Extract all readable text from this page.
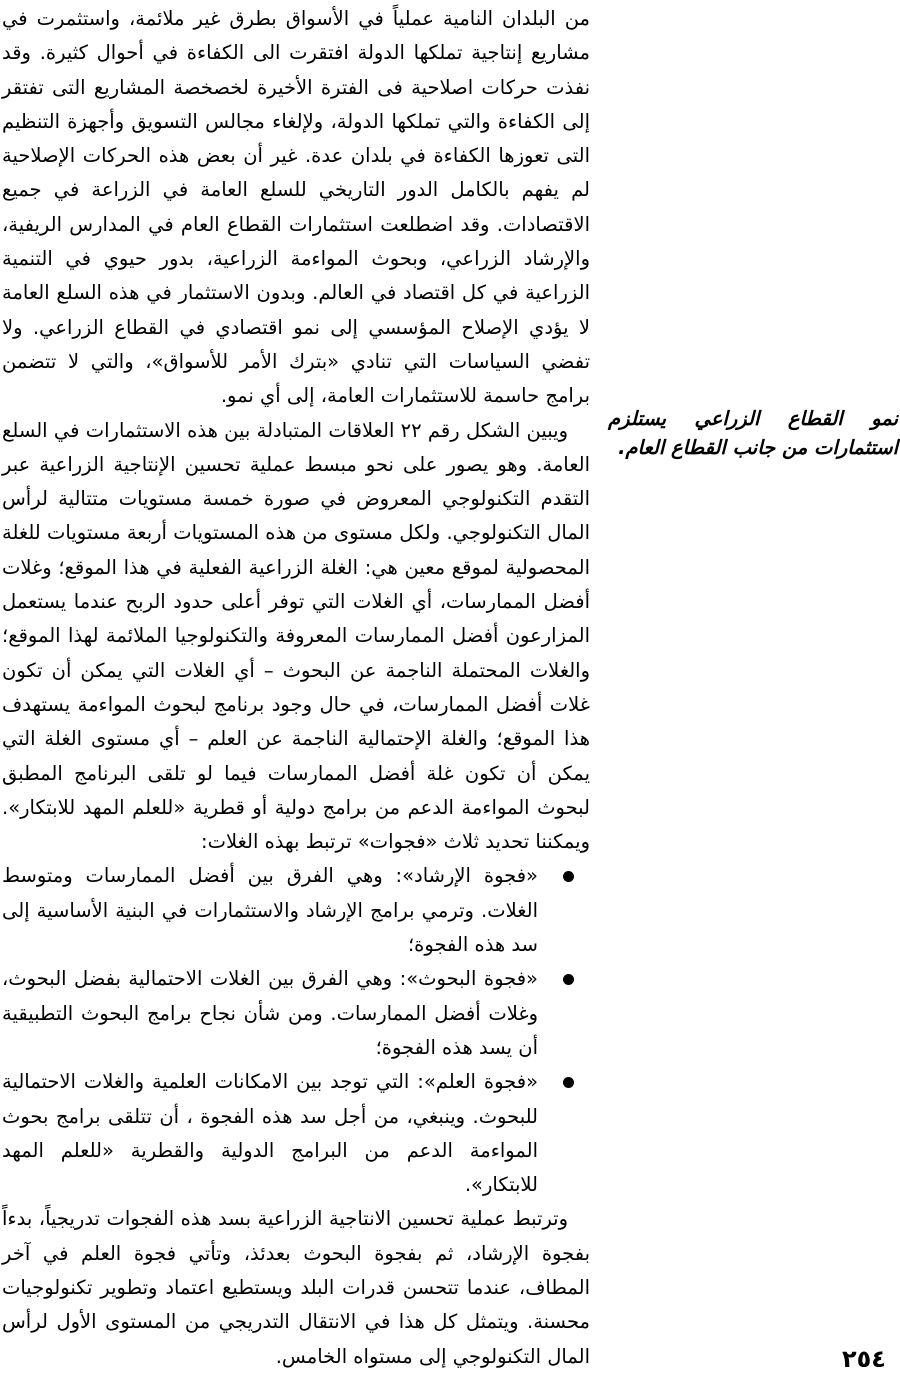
من البلدان النامية عملياً في الأسواق بطرق غير ملائمة، واستثمرت في مشاريع إنتاجية تملكها الدولة افتقرت الى الكفاءة في أحوال كثيرة. وقد نفذت حركات اصلاحية فى الفترة الأخيرة لخصخصة المشاريع التى تفتقر إلى الكفاءة والتي تملكها الدولة، ولإلغاء مجالس التسويق وأجهزة التنظيم التى تعوزها الكفاءة في بلدان عدة. غير أن بعض هذه الحركات الإصلاحية لم يفهم بالكامل الدور التاريخي للسلع العامة في الزراعة في جميع الاقتصادات. وقد اضطلعت استثمارات القطاع العام في المدارس الريفية، والإرشاد الزراعي، وبحوث المواءمة الزراعية، بدور حيوي في التنمية الزراعية في كل اقتصاد في العالم. وبدون الاستثمار في هذه السلع العامة لا يؤدي الإصلاح المؤسسي إلى نمو اقتصادي في القطاع الزراعي. ولا تفضي السياسات التي تنادي «بترك الأمر للأسواق»، والتي لا تتضمن برامج حاسمة للاستثمارات العامة، إلى أي نمو.

ويبين الشكل رقم ٢٢ العلاقات المتبادلة بين هذه الاستثمارات في السلع العامة. وهو يصور على نحو مبسط عملية تحسين الإنتاجية الزراعية عبر التقدم التكنولوجي المعروض في صورة خمسة مستويات متتالية لرأس المال التكنولوجي. ولكل مستوى من هذه المستويات أربعة مستويات للغلة المحصولية لموقع معين هي: الغلة الزراعية الفعلية في هذا الموقع؛ وغلات أفضل الممارسات، أي الغلات التي توفر أعلى حدود الربح عندما يستعمل المزارعون أفضل الممارسات المعروفة والتكنولوجيا الملائمة لهذا الموقع؛ والغلات المحتملة الناجمة عن البحوث – أي الغلات التي يمكن أن تكون غلات أفضل الممارسات، في حال وجود برنامج لبحوث المواءمة يستهدف هذا الموقع؛ والغلة الإحتمالية الناجمة عن العلم – أي مستوى الغلة التي يمكن أن تكون غلة أفضل الممارسات فيما لو تلقى البرنامج المطبق لبحوث المواءمة الدعم من برامج دولية أو قطرية «للعلم المهد للابتكار». ويمكننا تحديد ثلاث «فجوات» ترتبط بهذه الغلات:

«فجوة الإرشاد»: وهي الفرق بين أفضل الممارسات ومتوسط الغلات. وترمي برامج الإرشاد والاستثمارات في البنية الأساسية إلى سد هذه الفجوة؛
«فجوة البحوث»: وهي الفرق بين الغلات الاحتمالية بفضل البحوث، وغلات أفضل الممارسات. ومن شأن نجاح برامج البحوث التطبيقية أن يسد هذه الفجوة؛
«فجوة العلم»: التي توجد بين الامكانات العلمية والغلات الاحتمالية للبحوث. وينبغي، من أجل سد هذه الفجوة ، أن تتلقى برامج بحوث المواءمة الدعم من البرامج الدولية والقطرية «للعلم المهد للابتكار».

وترتبط عملية تحسين الانتاجية الزراعية بسد هذه الفجوات تدريجياً، بدءاً بفجوة الإرشاد، ثم بفجوة البحوث بعدئذ، وتأتي فجوة العلم في آخر المطاف، عندما تتحسن قدرات البلد ويستطيع اعتماد وتطوير تكنولوجيات محسنة. ويتمثل كل هذا في الانتقال التدريجي من المستوى الأول لرأس المال التكنولوجي إلى مستواه الخامس.

نمو القطاع الزراعي يستلزم استثمارات من جانب القطاع العام.
٢٥٤
